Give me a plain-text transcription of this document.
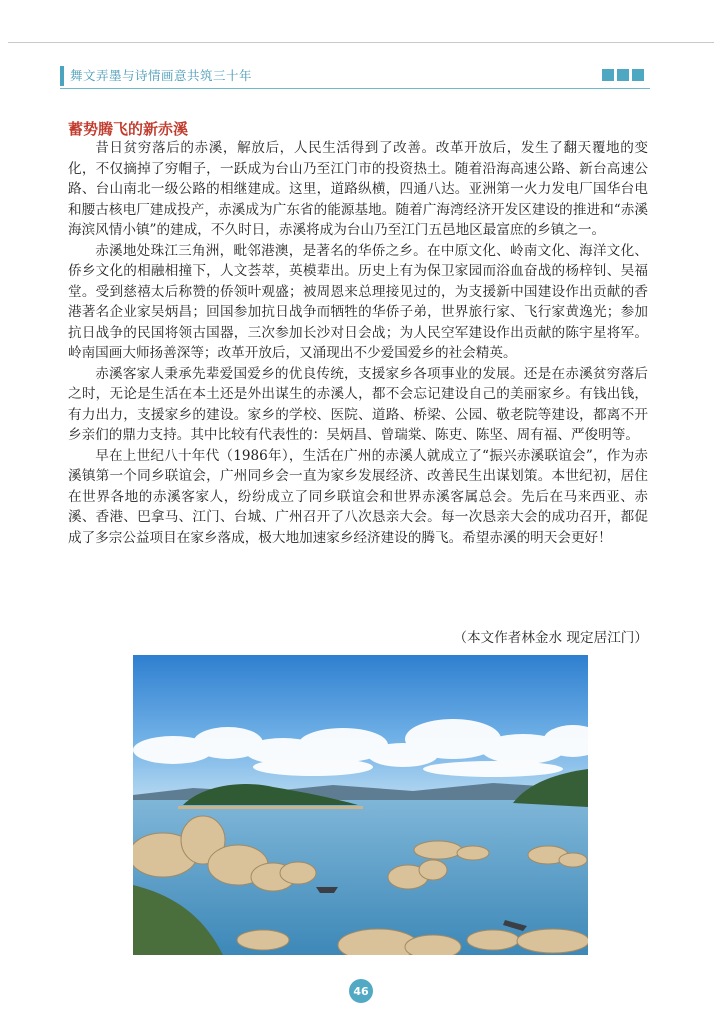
舞文弄墨与诗情画意共筑三十年
蓄势腾飞的新赤溪

昔日贫穷落后的赤溪，解放后，人民生活得到了改善。改革开放后，发生了翻天覆地的变化，不仅摘掉了穷帽子，一跃成为台山乃至江门市的投资热土。随着沿海高速公路、新台高速公路、台山南北一级公路的相继建成。这里，道路纵横，四通八达。亚洲第一火力发电厂国华台电和腰古核电厂建成投产，赤溪成为广东省的能源基地。随着广海湾经济开发区建设的推进和“赤溪海滨风情小镇”的建成，不久时日，赤溪将成为台山乃至江门五邑地区最富庶的乡镇之一。

赤溪地处珠江三角洲，毗邻港澳，是著名的华侨之乡。在中原文化、岭南文化、海洋文化、侨乡文化的相融相撞下，人文荟萃，英模辈出。历史上有为保卫家园而浴血奋战的杨梓钊、吴福堂。受到慈禧太后称赞的侨领叶观盛；被周恩来总理接见过的，为支援新中国建设作出贡献的香港著名企业家吴炳昌；回国参加抗日战争而牺牲的华侨子弟，世界旅行家、飞行家黄逸光；参加抗日战争的民国将领古国器，三次参加长沙对日会战；为人民空军建设作出贡献的陈宇星将军。岭南国画大师扬善深等；改革开放后，又涌现出不少爱国爱乡的社会精英。

赤溪客家人秉承先辈爱国爱乡的优良传统，支援家乡各项事业的发展。还是在赤溪贫穷落后之时，无论是生活在本土还是外出谋生的赤溪人，都不会忘记建设自己的美丽家乡。有钱出钱，有力出力，支援家乡的建设。家乡的学校、医院、道路、桥梁、公园、敬老院等建设，都离不开乡亲们的鼎力支持。其中比较有代表性的：吴炳昌、曾瑞棠、陈吏、陈坚、周有福、严俊明等。

早在上世纪八十年代（1986年），生活在广州的赤溪人就成立了“振兴赤溪联谊会”，作为赤溪镇第一个同乡联谊会，广州同乡会一直为家乡发展经济、改善民生出谋划策。本世纪初，居住在世界各地的赤溪客家人，纷纷成立了同乡联谊会和世界赤溪客属总会。先后在马来西亚、赤溪、香港、巴拿马、江门、台城、广州召开了八次恳亲大会。每一次恳亲大会的成功召开，都促成了多宗公益项目在家乡落成，极大地加速家乡经济建设的腾飞。希望赤溪的明天会更好！

（本文作者林金水 现定居江门）
46
